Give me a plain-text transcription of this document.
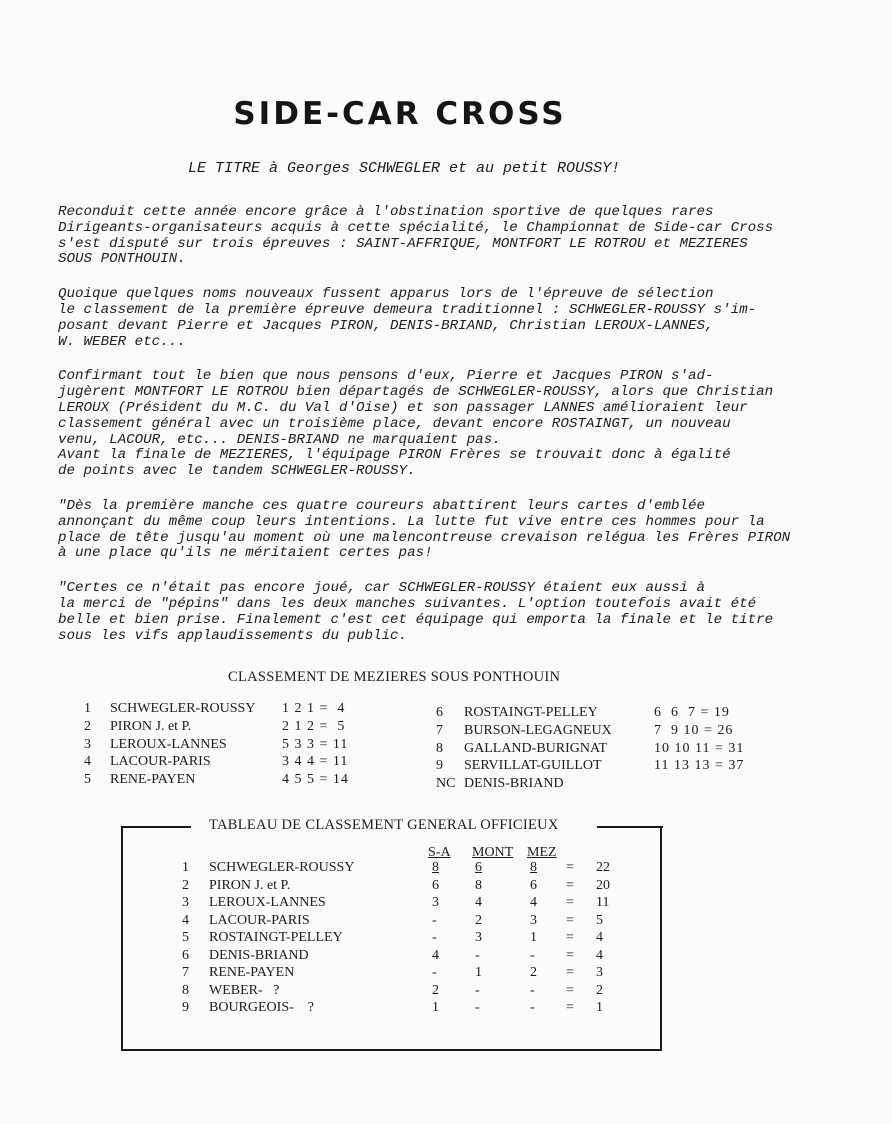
SIDE-CAR CROSS
LE TITRE à Georges SCHWEGLER et au petit ROUSSY!

Reconduit cette année encore grâce à l'obstination sportive de quelques rares
Dirigeants-organisateurs acquis à cette spécialité, le Championnat de Side-car Cross
s'est disputé sur trois épreuves : SAINT-AFFRIQUE, MONTFORT LE ROTROU et MEZIERES
SOUS PONTHOUIN.

Quoique quelques noms nouveaux fussent apparus lors de l'épreuve de sélection
le classement de la première épreuve demeura traditionnel : SCHWEGLER-ROUSSY s'im-
posant devant Pierre et Jacques PIRON, DENIS-BRIAND, Christian LEROUX-LANNES,
W. WEBER etc...

Confirmant tout le bien que nous pensons d'eux, Pierre et Jacques PIRON s'ad-
jugèrent MONTFORT LE ROTROU bien départagés de SCHWEGLER-ROUSSY, alors que Christian
LEROUX (Président du M.C. du Val d'Oise) et son passager LANNES amélioraient leur
classement général avec un troisième place, devant encore ROSTAINGT, un nouveau
venu, LACOUR, etc... DENIS-BRIAND ne marquaient pas.

Avant la finale de MEZIERES, l'équipage PIRON Frères se trouvait donc à égalité
de points avec le tandem SCHWEGLER-ROUSSY.

"Dès la première manche ces quatre coureurs abattirent leurs cartes d'emblée
annonçant du même coup leurs intentions. La lutte fut vive entre ces hommes pour la
place de tête jusqu'au moment où une malencontreuse crevaison relégua les Frères PIRON
à une place qu'ils ne méritaient certes pas!

"Certes ce n'était pas encore joué, car SCHWEGLER-ROUSSY étaient eux aussi à
la merci de "pépins" dans les deux manches suivantes. L'option toutefois avait été
belle et bien prise. Finalement c'est cet équipage qui emporta la finale et le titre
sous les vifs applaudissements du public.

CLASSEMENT DE MEZIERES SOUS PONTHOUIN
1 SCHWEGLER-ROUSSY 1 2 1 =  4
2 PIRON J. et P.	2 1 2 =  5
3 LEROUX-LANNES	5 3 3 = 11
4 LACOUR-PARIS	3 4 4 = 11
5 RENE-PAYEN	4 5 5 = 14
6 ROSTAINGT-PELLEY	6  6  7 = 19
7 BURSON-LEGAGNEUX	7  9 10 = 26
8 GALLAND-BURIGNAT	10 10 11 = 31
9 SERVILLAT-GUILLOT	11 13 13 = 37
NC DENIS-BRIAND
TABLEAU DE CLASSEMENT GENERAL OFFICIEUX
S-A MONT MEZ
1 SCHWEGLER-ROUSSY	8	6	8 = 22
2 PIRON J. et P.	6	8	6 = 20
3 LEROUX-LANNES	3	4	4 = 11
4 LACOUR-PARIS	-	2	3 = 5
5 ROSTAINGT-PELLEY	-	3	1 = 4
6 DENIS-BRIAND	4	-	- = 4
7 RENE-PAYEN	-	1	2 = 3
8 WEBER-   ?	2	-	- = 2
9 BOURGEOIS-    ?	1	-	- = 1
